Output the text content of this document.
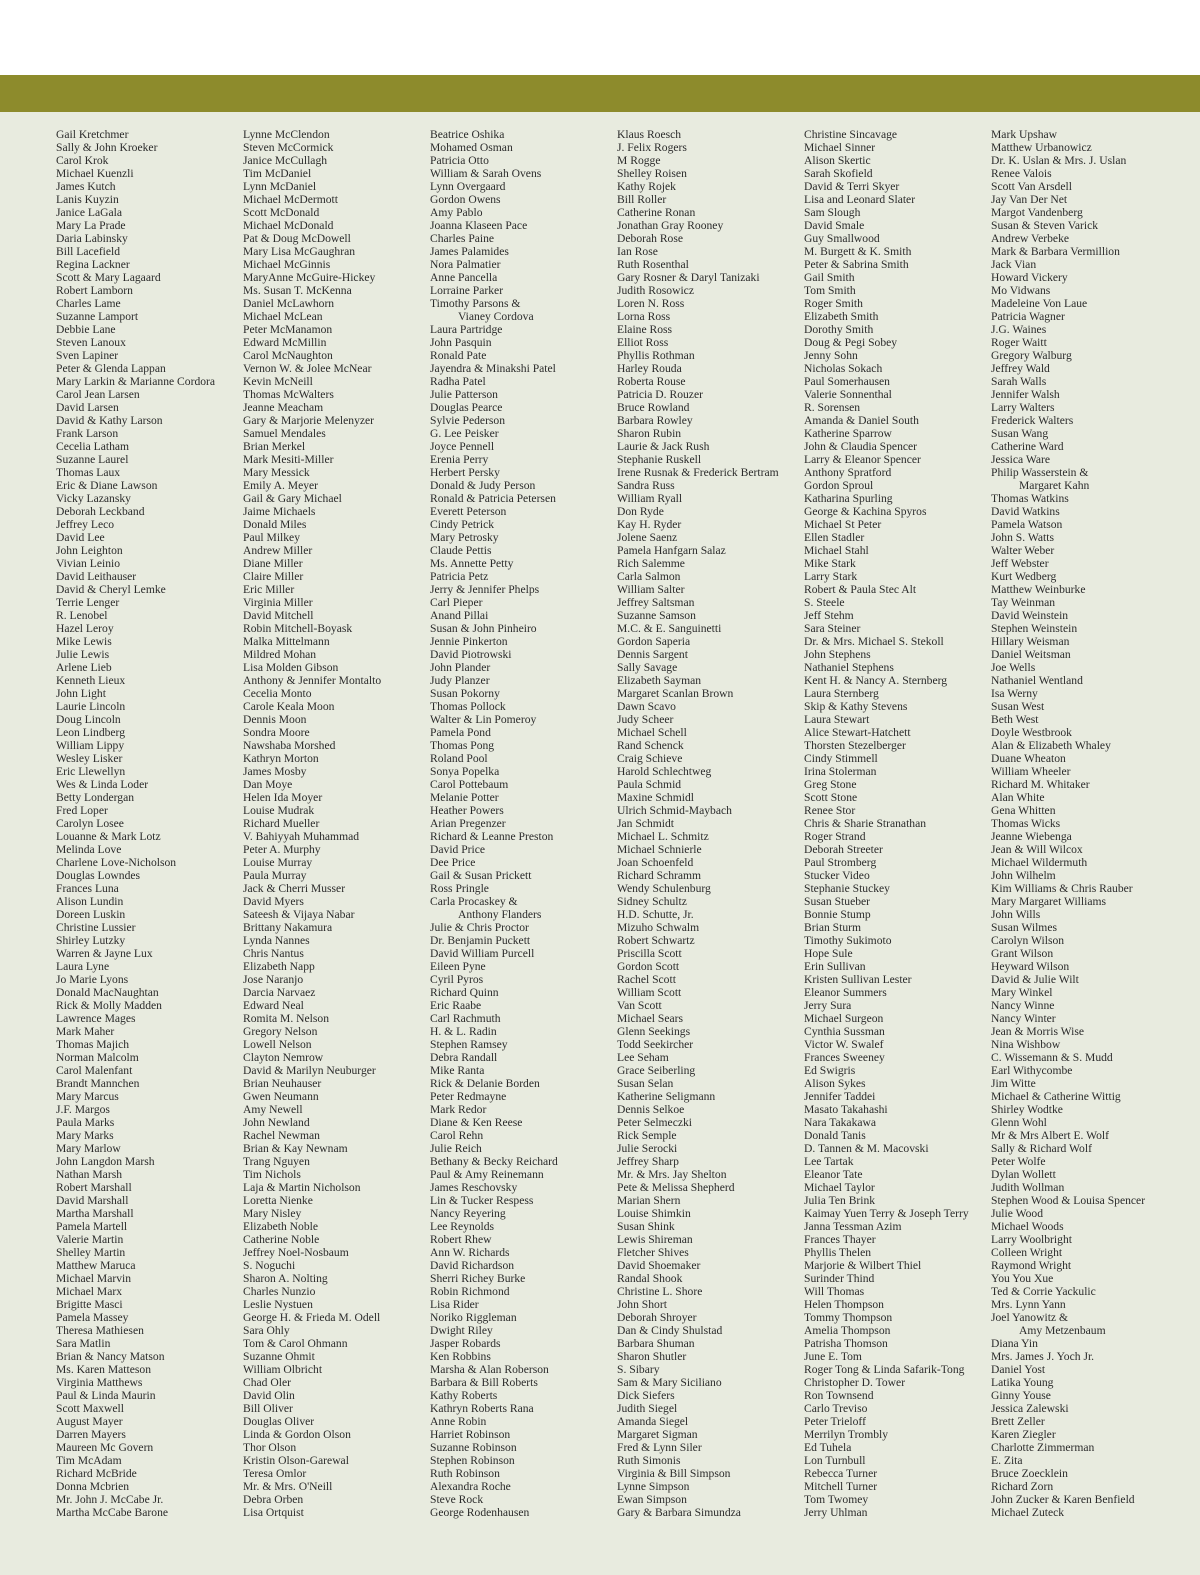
Gail Kretchmer
Sally & John Kroeker
Carol Krok
Michael Kuenzli
James Kutch
Lanis Kuyzin
Janice LaGala
Mary La Prade
Daria Labinsky
Bill Lacefield
Regina Lackner
Scott & Mary Lagaard
Robert Lamborn
Charles Lame
Suzanne Lamport
Debbie Lane
Steven Lanoux
Sven Lapiner
Peter & Glenda Lappan
Mary Larkin & Marianne Cordora
Carol Jean Larsen
David Larsen
David & Kathy Larson
Frank Larson
Cecelia Latham
Suzanne Laurel
Thomas Laux
Eric & Diane Lawson
Vicky Lazansky
Deborah Leckband
Jeffrey Leco
David Lee
John Leighton
Vivian Leinio
David Leithauser
David & Cheryl Lemke
Terrie Lenger
R. Lenobel
Hazel Leroy
Mike Lewis
Julie Lewis
Arlene Lieb
Kenneth Lieux
John Light
Laurie Lincoln
Doug Lincoln
Leon Lindberg
William Lippy
Wesley Lisker
Eric Llewellyn
Wes & Linda Loder
Betty Londergan
Fred Loper
Carolyn Losee
Louanne & Mark Lotz
Melinda Love
Charlene Love-Nicholson
Douglas Lowndes
Frances Luna
Alison Lundin
Doreen Luskin
Christine Lussier
Shirley Lutzky
Warren & Jayne Lux
Laura Lyne
Jo Marie Lyons
Donald MacNaughtan
Rick & Molly Madden
Lawrence Mages
Mark Maher
Thomas Majich
Norman Malcolm
Carol Malenfant
Brandt Mannchen
Mary Marcus
J.F. Margos
Paula Marks
Mary Marks
Mary Marlow
John Langdon Marsh
Nathan Marsh
Robert Marshall
David Marshall
Martha Marshall
Pamela Martell
Valerie Martin
Shelley Martin
Matthew Maruca
Michael Marvin
Michael Marx
Brigitte Masci
Pamela Massey
Theresa Mathiesen
Sara Matlin
Brian & Nancy Matson
Ms. Karen Matteson
Virginia Matthews
Paul & Linda Maurin
Scott Maxwell
August Mayer
Darren Mayers
Maureen Mc Govern
Tim McAdam
Richard McBride
Donna Mcbrien
Mr. John J. McCabe Jr.
Martha McCabe Barone
Lynne McClendon
Steven McCormick
Janice McCullagh
Tim McDaniel
Lynn McDaniel
Michael McDermott
Scott McDonald
Michael McDonald
Pat & Doug McDowell
Mary Lisa McGaughran
Michael McGinnis
MaryAnne McGuire-Hickey
Ms. Susan T. McKenna
Daniel McLawhorn
Michael McLean
Peter McManamon
Edward McMillin
Carol McNaughton
Vernon W. & Jolee McNear
Kevin McNeill
Thomas McWalters
Jeanne Meacham
Gary & Marjorie Melenyzer
Samuel Mendales
Brian Merkel
Mark Mesiti-Miller
Mary Messick
Emily A. Meyer
Gail & Gary Michael
Jaime Michaels
Donald Miles
Paul Milkey
Andrew Miller
Diane Miller
Claire Miller
Eric Miller
Virginia Miller
David Mitchell
Robin Mitchell-Boyask
Malka Mittelmann
Mildred Mohan
Lisa Molden Gibson
Anthony & Jennifer Montalto
Cecelia Monto
Carole Keala Moon
Dennis Moon
Sondra Moore
Nawshaba Morshed
Kathryn Morton
James Mosby
Dan Moye
Helen Ida Moyer
Louise Mudrak
Richard Mueller
V. Bahiyyah Muhammad
Peter A. Murphy
Louise Murray
Paula Murray
Jack & Cherri Musser
David Myers
Sateesh & Vijaya Nabar
Brittany Nakamura
Lynda Nannes
Chris Nantus
Elizabeth Napp
Jose Naranjo
Darcia Narvaez
Edward Neal
Romita M. Nelson
Gregory Nelson
Lowell Nelson
Clayton Nemrow
David & Marilyn Neuburger
Brian Neuhauser
Gwen Neumann
Amy Newell
John Newland
Rachel Newman
Brian & Kay Newnam
Trang Nguyen
Tim Nichols
Laja & Martin Nicholson
Loretta Nienke
Mary Nisley
Elizabeth Noble
Catherine Noble
Jeffrey Noel-Nosbaum
S. Noguchi
Sharon A. Nolting
Charles Nunzio
Leslie Nystuen
George H. & Frieda M. Odell
Sara Ohly
Tom & Carol Ohmann
Suzanne Ohmit
William Olbricht
Chad Oler
David Olin
Bill Oliver
Douglas Oliver
Linda & Gordon Olson
Thor Olson
Kristin Olson-Garewal
Teresa Omlor
Mr. & Mrs. O'Neill
Debra Orben
Lisa Ortquist
Beatrice Oshika
Mohamed Osman
Patricia Otto
William & Sarah Ovens
Lynn Overgaard
Gordon Owens
Amy Pablo
Joanna Klaseen Pace
Charles Paine
James Palamides
Nora Palmatier
Anne Pancella
Lorraine Parker
Timothy Parsons &
Vianey Cordova
Laura Partridge
John Pasquin
Ronald Pate
Jayendra & Minakshi Patel
Radha Patel
Julie Patterson
Douglas Pearce
Sylvie Pederson
G. Lee Peisker
Joyce Pennell
Erenia Perry
Herbert Persky
Donald & Judy Person
Ronald & Patricia Petersen
Everett Peterson
Cindy Petrick
Mary Petrosky
Claude Pettis
Ms. Annette Petty
Patricia Petz
Jerry & Jennifer Phelps
Carl Pieper
Anand Pillai
Susan & John Pinheiro
Jennie Pinkerton
David Piotrowski
John Plander
Judy Planzer
Susan Pokorny
Thomas Pollock
Walter & Lin Pomeroy
Pamela Pond
Thomas Pong
Roland Pool
Sonya Popelka
Carol Pottebaum
Melanie Potter
Heather Powers
Arian Pregenzer
Richard & Leanne Preston
David Price
Dee Price
Gail & Susan Prickett
Ross Pringle
Carla Procaskey &
Anthony Flanders
Julie & Chris Proctor
Dr. Benjamin Puckett
David William Purcell
Eileen Pyne
Cyril Pyros
Richard Quinn
Eric Raabe
Carl Rachmuth
H. & L. Radin
Stephen Ramsey
Debra Randall
Mike Ranta
Rick & Delanie Borden
Peter Redmayne
Mark Redor
Diane & Ken Reese
Carol Rehn
Julie Reich
Bethany & Becky Reichard
Paul & Amy Reinemann
James Reschovsky
Lin & Tucker Respess
Nancy Reyering
Lee Reynolds
Robert Rhew
Ann W. Richards
David Richardson
Sherri Richey Burke
Robin Richmond
Lisa Rider
Noriko Riggleman
Dwight Riley
Jasper Robards
Ken Robbins
Marsha & Alan Roberson
Barbara & Bill Roberts
Kathy Roberts
Kathryn Roberts Rana
Anne Robin
Harriet Robinson
Suzanne Robinson
Stephen Robinson
Ruth Robinson
Alexandra Roche
Steve Rock
George Rodenhausen
Klaus Roesch
J. Felix Rogers
M Rogge
Shelley Roisen
Kathy Rojek
Bill Roller
Catherine Ronan
Jonathan Gray Rooney
Deborah Rose
Ian Rose
Ruth Rosenthal
Gary Rosner & Daryl Tanizaki
Judith Rosowicz
Loren N. Ross
Lorna Ross
Elaine Ross
Elliot Ross
Phyllis Rothman
Harley Rouda
Roberta Rouse
Patricia D. Rouzer
Bruce Rowland
Barbara Rowley
Sharon Rubin
Laurie & Jack Rush
Stephanie Ruskell
Irene Rusnak & Frederick Bertram
Sandra Russ
William Ryall
Don Ryde
Kay H. Ryder
Jolene Saenz
Pamela Hanfgarn Salaz
Rich Salemme
Carla Salmon
William Salter
Jeffrey Saltsman
Suzanne Samson
M.C. & E. Sanguinetti
Gordon Saperia
Dennis Sargent
Sally Savage
Elizabeth Sayman
Margaret Scanlan Brown
Dawn Scavo
Judy Scheer
Michael Schell
Rand Schenck
Craig Schieve
Harold Schlechtweg
Paula Schmid
Maxine Schmidl
Ulrich Schmid-Maybach
Jan Schmidt
Michael L. Schmitz
Michael Schnierle
Joan Schoenfeld
Richard Schramm
Wendy Schulenburg
Sidney Schultz
H.D. Schutte, Jr.
Mizuho Schwalm
Robert Schwartz
Priscilla Scott
Gordon Scott
Rachel Scott
William Scott
Van Scott
Michael Sears
Glenn Seekings
Todd Seekircher
Lee Seham
Grace Seiberling
Susan Selan
Katherine Seligmann
Dennis Selkoe
Peter Selmeczki
Rick Semple
Julie Serocki
Jeffrey Sharp
Mr. & Mrs. Jay Shelton
Pete & Melissa Shepherd
Marian Shern
Louise Shimkin
Susan Shink
Lewis Shireman
Fletcher Shives
David Shoemaker
Randal Shook
Christine L. Shore
John Short
Deborah Shroyer
Dan & Cindy Shulstad
Barbara Shuman
Sharon Shutler
S. Sibary
Sam & Mary Siciliano
Dick Siefers
Judith Siegel
Amanda Siegel
Margaret Sigman
Fred & Lynn Siler
Ruth Simonis
Virginia & Bill Simpson
Lynne Simpson
Ewan Simpson
Gary & Barbara Simundza
Christine Sincavage
Michael Sinner
Alison Skertic
Sarah Skofield
David & Terri Skyer
Lisa and Leonard Slater
Sam Slough
David Smale
Guy Smallwood
M. Burgett & K. Smith
Peter & Sabrina Smith
Gail Smith
Tom Smith
Roger Smith
Elizabeth Smith
Dorothy Smith
Doug & Pegi Sobey
Jenny Sohn
Nicholas Sokach
Paul Somerhausen
Valerie Sonnenthal
R. Sorensen
Amanda & Daniel South
Katherine Sparrow
John & Claudia Spencer
Larry & Eleanor Spencer
Anthony Spratford
Gordon Sproul
Katharina Spurling
George & Kachina Spyros
Michael St Peter
Ellen Stadler
Michael Stahl
Mike Stark
Larry Stark
Robert & Paula Stec Alt
S. Steele
Jeff Stehm
Sara Steiner
Dr. & Mrs. Michael S. Stekoll
John Stephens
Nathaniel Stephens
Kent H. & Nancy A. Sternberg
Laura Sternberg
Skip & Kathy Stevens
Laura Stewart
Alice Stewart-Hatchett
Thorsten Stezelberger
Cindy Stimmell
Irina Stolerman
Greg Stone
Scott Stone
Renee Stor
Chris & Sharie Stranathan
Roger Strand
Deborah Streeter
Paul Stromberg
Stucker Video
Stephanie Stuckey
Susan Stueber
Bonnie Stump
Brian Sturm
Timothy Sukimoto
Hope Sule
Erin Sullivan
Kristen Sullivan Lester
Eleanor Summers
Jerry Sura
Michael Surgeon
Cynthia Sussman
Victor W. Swalef
Frances Sweeney
Ed Swigris
Alison Sykes
Jennifer Taddei
Masato Takahashi
Nara Takakawa
Donald Tanis
D. Tannen & M. Macovski
Lee Tartak
Eleanor Tate
Michael Taylor
Julia Ten Brink
Kaimay Yuen Terry & Joseph Terry
Janna Tessman Azim
Frances Thayer
Phyllis Thelen
Marjorie & Wilbert Thiel
Surinder Thind
Will Thomas
Helen Thompson
Tommy Thompson
Amelia Thompson
Patrisha Thomson
June E. Tom
Roger Tong & Linda Safarik-Tong
Christopher D. Tower
Ron Townsend
Carlo Treviso
Peter Trieloff
Merrilyn Trombly
Ed Tuhela
Lon Turnbull
Rebecca Turner
Mitchell Turner
Tom Twomey
Jerry Uhlman
Mark Upshaw
Matthew Urbanowicz
Dr. K. Uslan & Mrs. J. Uslan
Renee Valois
Scott Van Arsdell
Jay Van Der Net
Margot Vandenberg
Susan & Steven Varick
Andrew Verbeke
Mark & Barbara Vermillion
Jack Vian
Howard Vickery
Mo Vidwans
Madeleine Von Laue
Patricia Wagner
J.G. Waines
Roger Waitt
Gregory Walburg
Jeffrey Wald
Sarah Walls
Jennifer Walsh
Larry Walters
Frederick Walters
Susan Wang
Catherine Ward
Jessica Ware
Philip Wasserstein &
Margaret Kahn
Thomas Watkins
David Watkins
Pamela Watson
John S. Watts
Walter Weber
Jeff Webster
Kurt Wedberg
Matthew Weinburke
Tay Weinman
David Weinstein
Stephen Weinstein
Hillary Weisman
Daniel Weitsman
Joe Wells
Nathaniel Wentland
Isa Werny
Susan West
Beth West
Doyle Westbrook
Alan & Elizabeth Whaley
Duane Wheaton
William Wheeler
Richard M. Whitaker
Alan White
Gena Whitten
Thomas Wicks
Jeanne Wiebenga
Jean & Will Wilcox
Michael Wildermuth
John Wilhelm
Kim Williams & Chris Rauber
Mary Margaret Williams
John Wills
Susan Wilmes
Carolyn Wilson
Grant Wilson
Heyward Wilson
David & Julie Wilt
Mary Winkel
Nancy Winne
Nancy Winter
Jean & Morris Wise
Nina Wishbow
C. Wissemann & S. Mudd
Earl Withycombe
Jim Witte
Michael & Catherine Wittig
Shirley Wodtke
Glenn Wohl
Mr & Mrs Albert E. Wolf
Sally & Richard Wolf
Peter Wolfe
Dylan Wollett
Judith Wollman
Stephen Wood & Louisa Spencer
Julie Wood
Michael Woods
Larry Woolbright
Colleen Wright
Raymond Wright
You You Xue
Ted & Corrie Yackulic
Mrs. Lynn Yann
Joel Yanowitz &
Amy Metzenbaum
Diana Yin
Mrs. James J. Yoch Jr.
Daniel Yost
Latika Young
Ginny Youse
Jessica Zalewski
Brett Zeller
Karen Ziegler
Charlotte Zimmerman
E. Zita
Bruce Zoecklein
Richard Zorn
John Zucker & Karen Benfield
Michael Zuteck
